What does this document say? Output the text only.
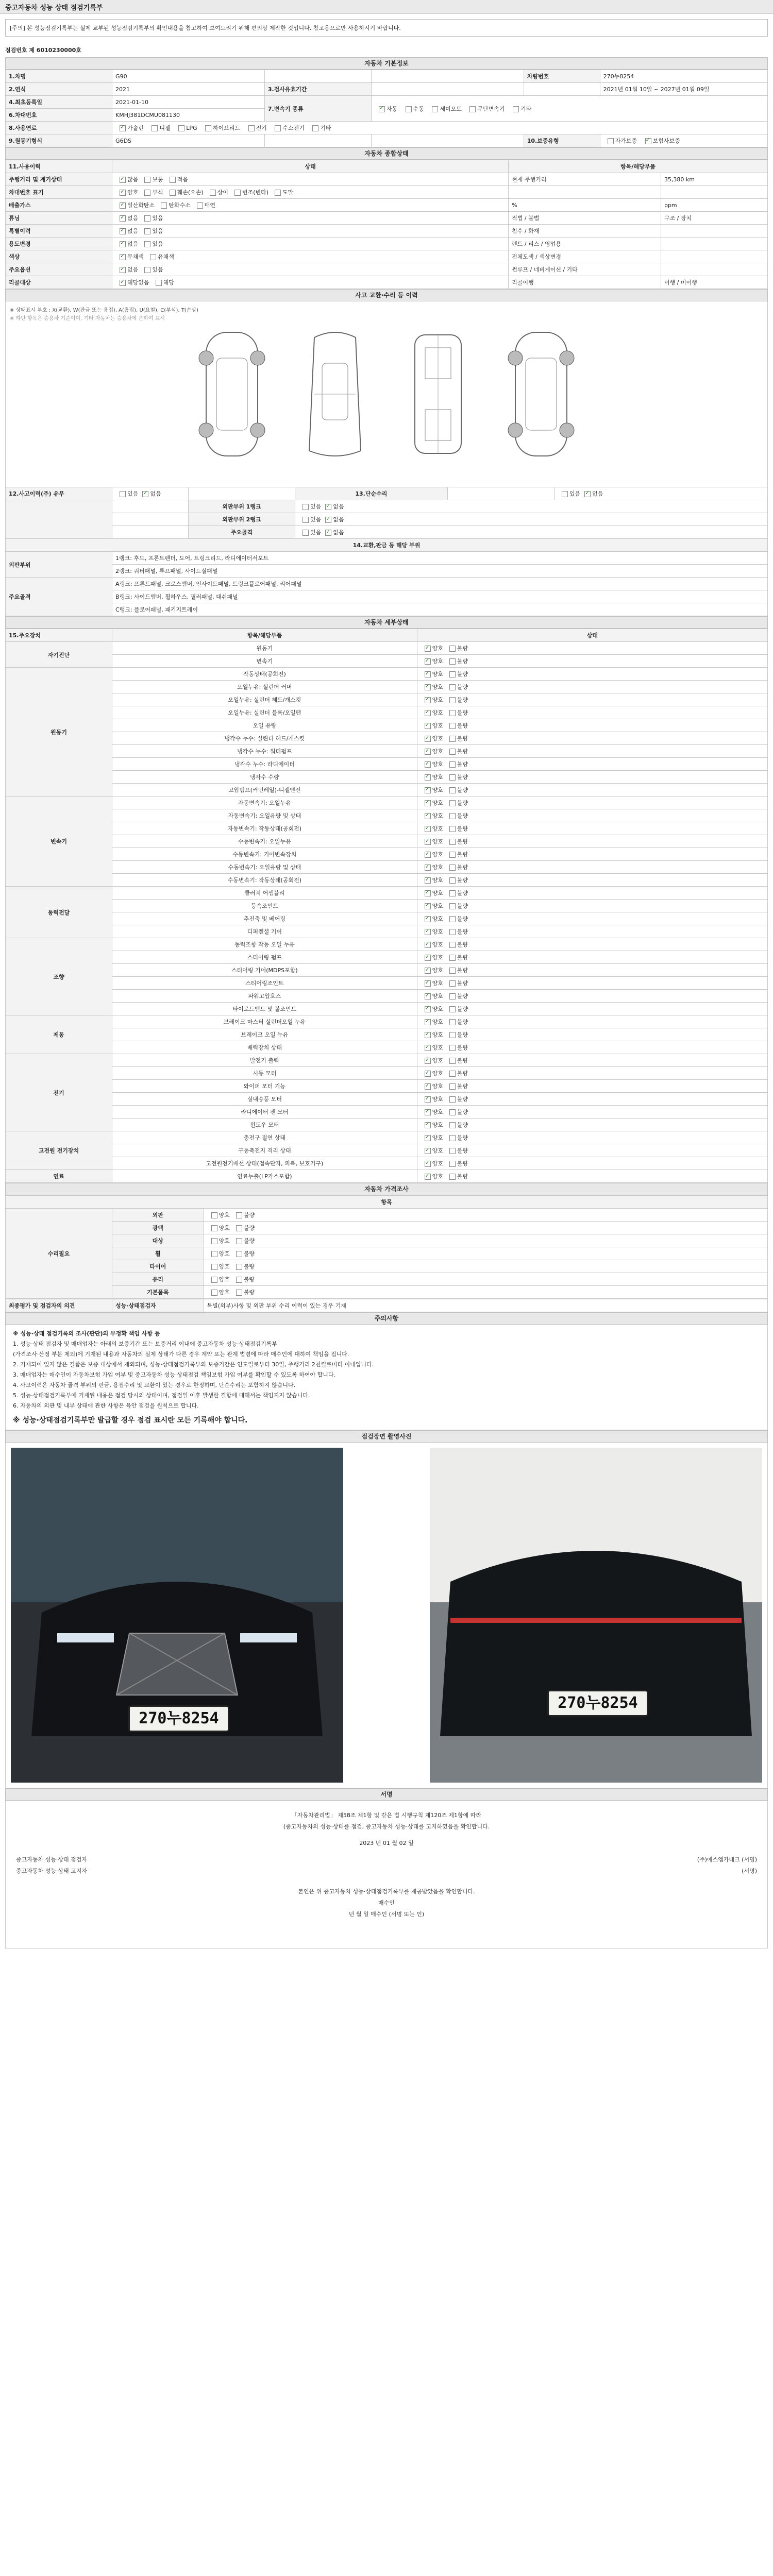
중고자동차 성능 상태 점검기록부
[주의] 본 성능점검기록부는 실제 교부된 성능점검기록부의 확인내용을 참고하여 보여드리기 위해 편의상 제작한 것입니다. 참고용으로만 사용하시기 바랍니다.
점검번호 제 6010230000호
자동차 기본정보
1.차명	G90			차량번호	270누8254
2.연식	2021	3.검사유효기간			2021년 01월 10일 ~ 2027년 01월 09일
4.최초등록일	2021-01-10	7.변속기 종류	✓자동 수동 세미오토 무단변속기 기타
6.차대번호	KMHJ381DCMU081130				
8.사용연료	✓가솔린 디젤 LPG 하이브리드 전기 수소전기 기타
9.원동기형식	G6DS			10.보증유형	자가보증 ✓ 보험사보증
자동차 종합상태
11.사용이력	상태	항목/해당부품	
주행거리 및 계기상태	✓많음 보통 적음	현재 주행거리	35,380 km
차대번호 표기	✓양호 부식 훼손(오손) 상이 변조(변타) 도말		
배출가스	✓일산화탄소 탄화수소 매연	%	ppm
튜닝	✓없음 있음	적법 / 불법	구조 / 장치
특별이력	✓없음 있음	침수 / 화재	
용도변경	✓없음 있음	렌트 / 리스 / 영업용	
색상	✓무채색 유채색	전체도색 / 색상변경	
주요옵션	✓없음 있음	썬루프 / 네비게이션 / 기타	
리콜대상	✓해당없음 해당	리콜이행	이행 / 미이행
사고 교환·수리 등 이력
※ 상태표시 부호 : X(교환), W(판금 또는 용접), A(흠집), U(요철), C(부식), T(손상)
※ 하단 항목은 승용차 기준이며, 기타 자동차는 승용차에 준하여 표시
12.사고이력(주) 유무	있음 ✓ 없음		13.단순수리		있음 ✓ 없음
		외판부위 1랭크	있음 ✓ 없음
		외판부위 2랭크	있음 ✓ 없음
		주요골격	있음 ✓ 없음
14.교환,판금 등 해당 부위					
외판부위	1랭크: 후드, 프론트펜더, 도어, 트렁크리드, 라디에이터서포트				
	2랭크: 쿼터패널, 루프패널, 사이드실패널				
주요골격	A랭크: 프론트패널, 크로스멤버, 인사이드패널, 트렁크플로어패널, 리어패널				
	B랭크: 사이드멤버, 휠하우스, 필러패널, 대쉬패널				
	C랭크: 플로어패널, 패키지트레이				
자동차 세부상태
15.주요장치	항목/해당부품	상태
자기진단	원동기	✓양호 불량
	변속기	✓양호 불량
원동기	작동상태(공회전)	✓양호 불량
	오일누유: 실린더 커버	✓양호 불량
	오일누유: 실린더 헤드/개스킷	✓양호 불량
	오일누유: 실린더 블록/오일팬	✓양호 불량
	오일 유량	✓양호 불량
	냉각수 누수: 실린더 헤드/개스킷	✓양호 불량
	냉각수 누수: 워터펌프	✓양호 불량
	냉각수 누수: 라디에이터	✓양호 불량
	냉각수 수량	✓양호 불량
	고압펌프(커먼레일)-디젤엔진	✓양호 불량
변속기	자동변속기: 오일누유	✓양호 불량
	자동변속기: 오일유량 및 상태	✓양호 불량
	자동변속기: 작동상태(공회전)	✓양호 불량
	수동변속기: 오일누유	✓양호 불량
	수동변속기: 기어변속장치	✓양호 불량
	수동변속기: 오일유량 및 상태	✓양호 불량
	수동변속기: 작동상태(공회전)	✓양호 불량
동력전달	클러치 어셈블리	✓양호 불량
	등속조인트	✓양호 불량
	추진축 및 베어링	✓양호 불량
	디퍼렌셜 기어	✓양호 불량
조향	동력조향 작동 오일 누유	✓양호 불량
	스티어링 펌프	✓양호 불량
	스티어링 기어(MDPS포함)	✓양호 불량
	스티어링조인트	✓양호 불량
	파워고압호스	✓양호 불량
	타이로드엔드 및 볼조인트	✓양호 불량
제동	브레이크 마스터 실린더오일 누유	✓양호 불량
	브레이크 오일 누유	✓양호 불량
	배력장치 상태	✓양호 불량
전기	발전기 출력	✓양호 불량
	시동 모터	✓양호 불량
	와이퍼 모터 기능	✓양호 불량
	실내송풍 모터	✓양호 불량
	라디에이터 팬 모터	✓양호 불량
	윈도우 모터	✓양호 불량
고전원 전기장치	충전구 절연 상태	✓양호 불량
	구동축전지 격리 상태	✓양호 불량
	고전원전기배선 상태(접속단자, 피복, 보호기구)	✓양호 불량
연료	연료누출(LP가스포함)	✓양호 불량
자동차 가격조사
항목		
수리필요	외판	양호 불량
	광택	양호 불량
	대상	양호 불량
	휠	양호 불량
	타이어	양호 불량
	유리	양호 불량
	기본품목	양호 불량
최종평가 및 점검자의 의견	성능·상태점검자	특별(외부)사항 및 외판 부위 수리 이력이 있는 경우 기재
주의사항
※ 성능·상태 점검기록의 조사(판단)의 부정확 책임 사항 등
1. 성능·상태 점검자 및 매매업자는 아래의 보증기간 또는 보증거리 이내에 중고자동차 성능·상태점검기록부
(가격조사·산정 부분 제외)에 기재된 내용과 자동차의 실제 상태가 다른 경우 계약 또는 관계 법령에 따라 매수인에 대하여 책임을 집니다.
2. 기재되어 있지 않은 결함은 보증 대상에서 제외되며, 성능·상태점검기록부의 보증기간은 인도일로부터 30일, 주행거리 2천킬로미터 이내입니다.
3. 매매업자는 매수인이 자동차보험 가입 여부 및 중고자동차 성능·상태점검 책임보험 가입 여부를 확인할 수 있도록 하여야 합니다.
4. 사고이력은 자동차 골격 부위의 판금, 용접수리 및 교환이 있는 경우로 한정하며, 단순수리는 포함하지 않습니다.
5. 성능·상태점검기록부에 기재된 내용은 점검 당시의 상태이며, 점검일 이후 발생한 결함에 대해서는 책임지지 않습니다.
6. 자동차의 외관 및 내부 상태에 관한 사항은 육안 점검을 원칙으로 합니다.
※ 성능·상태점검기록부만 발급할 경우 점검 표시란 모든 기록해야 합니다.
점검장면 촬영사진
270누8254
270누8254
서명
「자동차관리법」 제58조 제1항 및 같은 법 시행규칙 제120조 제1항에 따라
(중고자동차의 성능·상태를 점검, 중고자동차 성능·상태를 고지하였음을 확인합니다.
2023 년 01 월 02 일
중고자동차 성능·상태 점검자	(주)에스엠카테크 (서명)
중고자동차 성능·상태 고지자	(서명)
본인은 위 중고자동차 성능·상태점검기록부를 제공받았음을 확인합니다.
매수인
년 월 일 매수인 (서명 또는 인)
